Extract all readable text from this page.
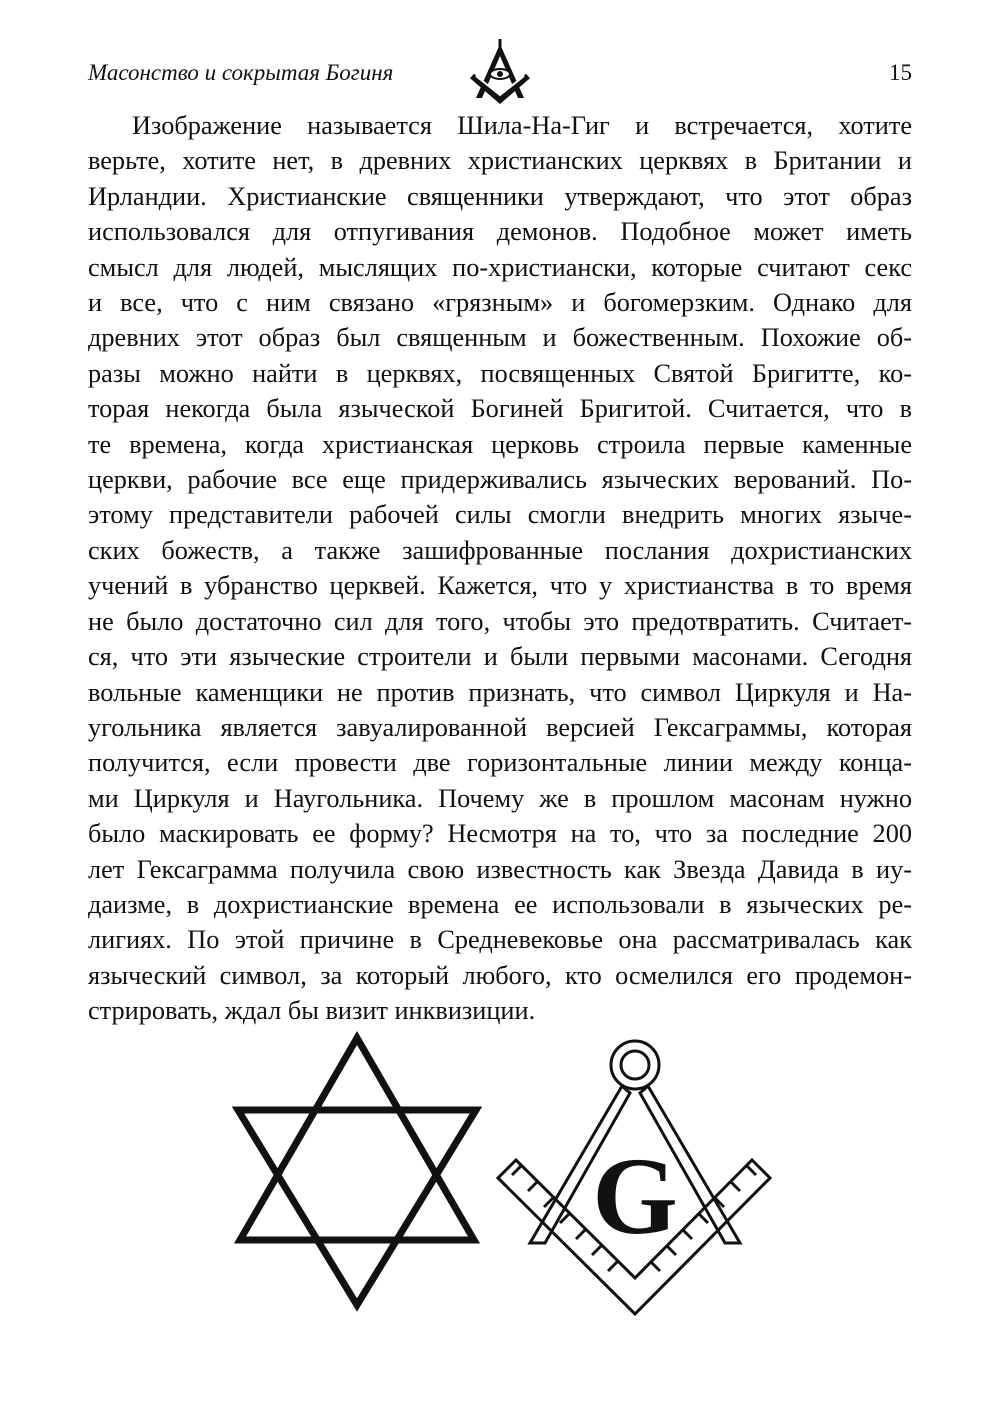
Масонство и сокрытая Богиня	15
Изображение называется Шила-На-Гиг и встречается, хотите
верьте, хотите нет, в древних христианских церквях в Британии и
Ирландии. Христианские священники утверждают, что этот образ
использовался для отпугивания демонов. Подобное может иметь
смысл для людей, мыслящих по-христиански, которые считают секс
и все, что с ним связано «грязным» и богомерзким. Однако для
древних этот образ был священным и божественным. Похожие об-
разы можно найти в церквях, посвященных Святой Бригитте, ко-
торая некогда была языческой Богиней Бригитой. Считается, что в
те времена, когда христианская церковь строила первые каменные
церкви, рабочие все еще придерживались языческих верований. По-
этому представители рабочей силы смогли внедрить многих языче-
ских божеств, а также зашифрованные послания дохристианских
учений в убранство церквей. Кажется, что у христианства в то время
не было достаточно сил для того, чтобы это предотвратить. Считает-
ся, что эти языческие строители и были первыми масонами. Сегодня
вольные каменщики не против признать, что символ Циркуля и На-
угольника является завуалированной версией Гексаграммы, которая
получится, если провести две горизонтальные линии между конца-
ми Циркуля и Наугольника. Почему же в прошлом масонам нужно
было маскировать ее форму? Несмотря на то, что за последние 200
лет Гексаграмма получила свою известность как Звезда Давида в иу-
даизме, в дохристианские времена ее использовали в языческих ре-
лигиях. По этой причине в Средневековье она рассматривалась как
языческий символ, за который любого, кто осмелился его продемон-
стрировать, ждал бы визит инквизиции.
G
